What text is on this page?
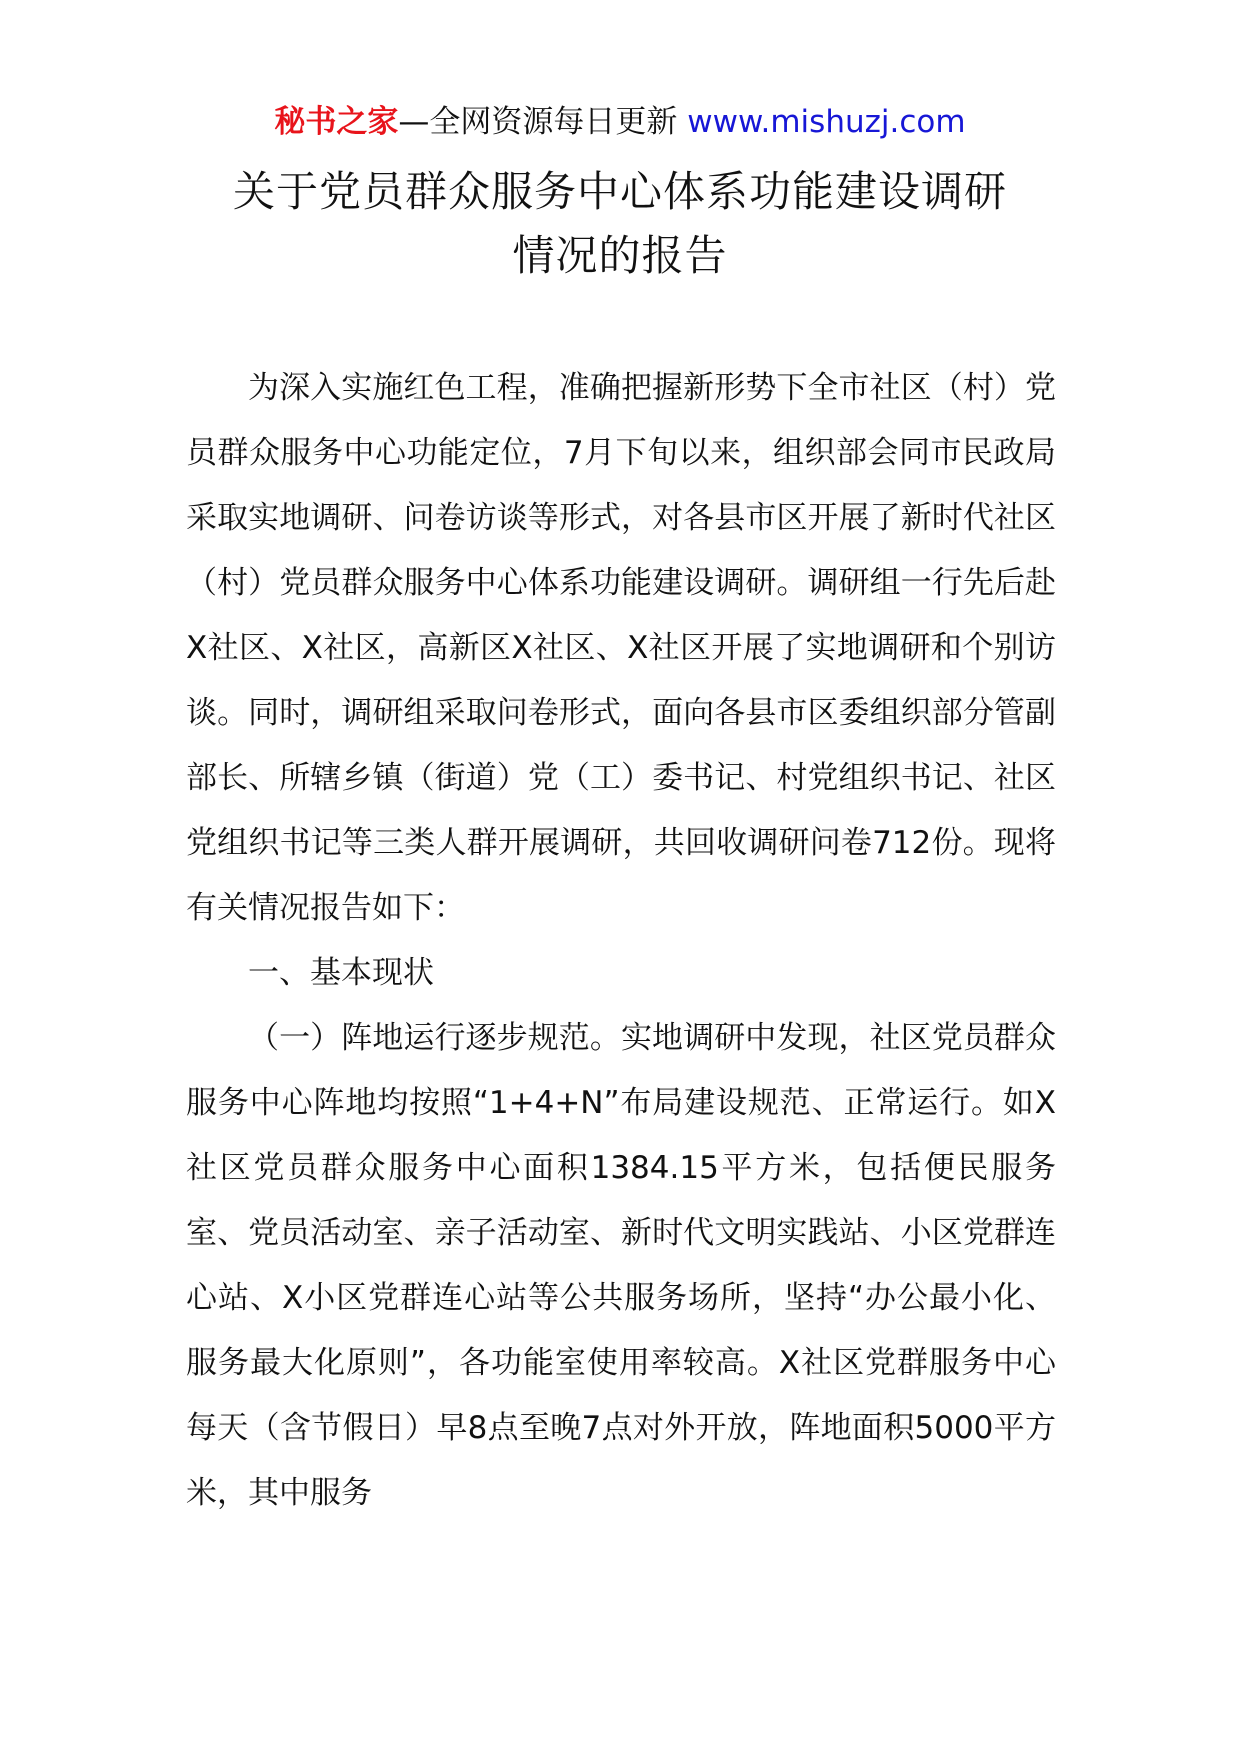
秘书之家—全网资源每日更新 www.mishuzj.com
关于党员群众服务中心体系功能建设调研
情况的报告

为深入实施红色工程，准确把握新形势下全市社区（村）党员群众服务中心功能定位，7月下旬以来，组织部会同市民政局采取实地调研、问卷访谈等形式，对各县市区开展了新时代社区（村）党员群众服务中心体系功能建设调研。调研组一行先后赴X社区、X社区，高新区X社区、X社区开展了实地调研和个别访谈。同时，调研组采取问卷形式，面向各县市区委组织部分管副部长、所辖乡镇（街道）党（工）委书记、村党组织书记、社区党组织书记等三类人群开展调研，共回收调研问卷712份。现将有关情况报告如下：

一、基本现状

（一）阵地运行逐步规范。实地调研中发现，社区党员群众服务中心阵地均按照“1+4+N”布局建设规范、正常运行。如X社区党员群众服务中心面积1384.15平方米，包括便民服务室、党员活动室、亲子活动室、新时代文明实践站、小区党群连心站、X小区党群连心站等公共服务场所，坚持“办公最小化、服务最大化原则”，各功能室使用率较高。X社区党群服务中心每天（含节假日）早8点至晚7点对外开放，阵地面积5000平方米，其中服务
